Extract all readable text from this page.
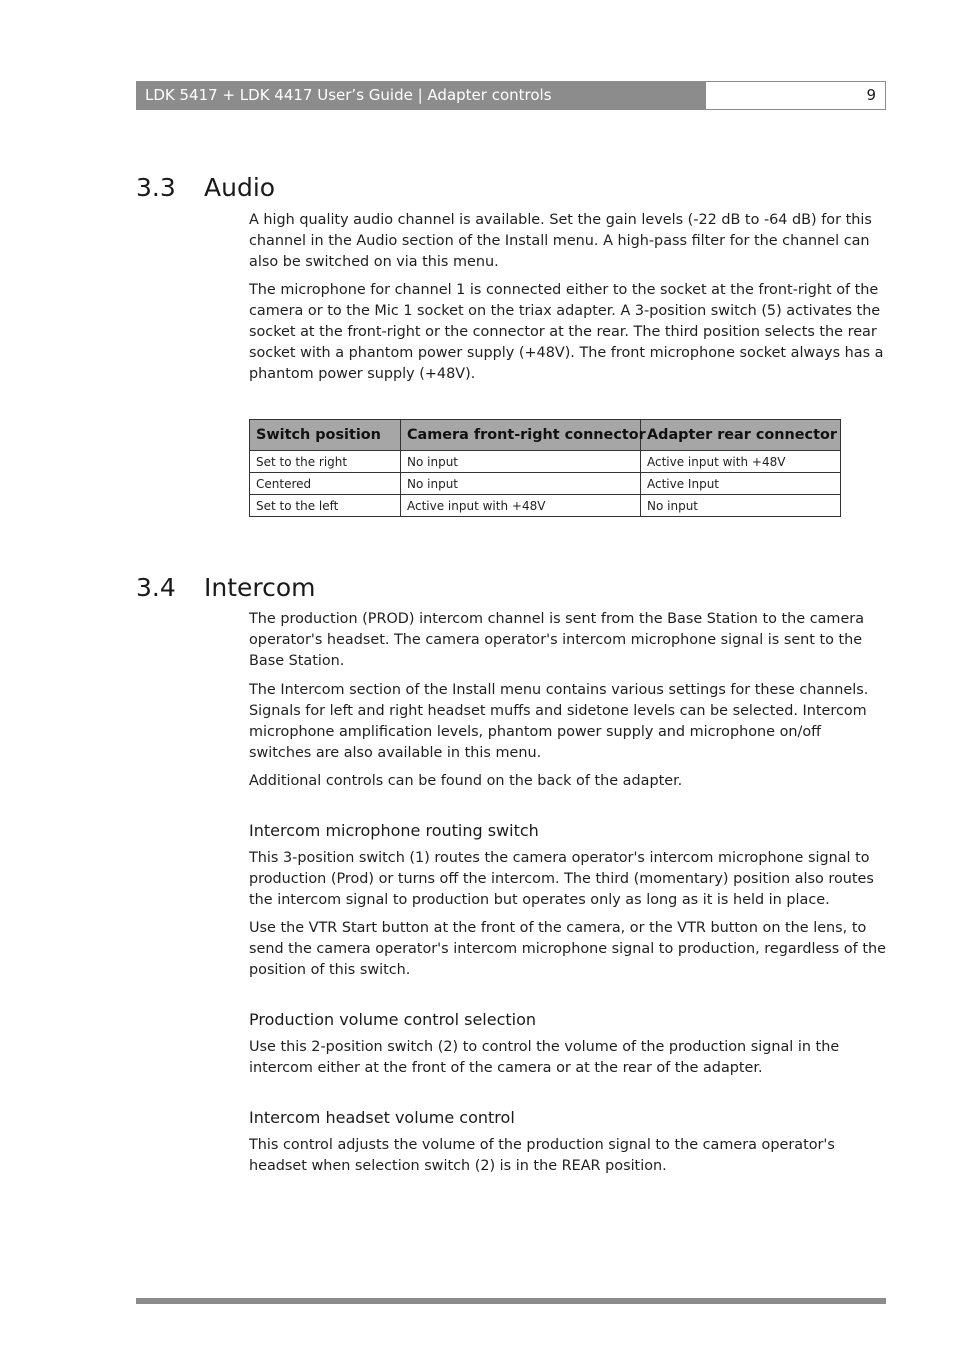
LDK 5417 + LDK 4417 User’s Guide | Adapter controls	9
3.3 Audio

A high quality audio channel is available. Set the gain levels (-22 dB to -64 dB) for this channel in the Audio section of the Install menu. A high-pass filter for the channel can also be switched on via this menu.

The microphone for channel 1 is connected either to the socket at the front-right of the camera or to the Mic 1 socket on the triax adapter. A 3-position switch (5) activates the socket at the front-right or the connector at the rear. The third position selects the rear socket with a phantom power supply (+48V). The front microphone socket always has a phantom power supply (+48V).

Switch position	Camera front-right connector	Adapter rear connector
Set to the right	No input	Active input with +48V
Centered	No input	Active Input
Set to the left	Active input with +48V	No input
3.4 Intercom

The production (PROD) intercom channel is sent from the Base Station to the camera operator's headset. The camera operator's intercom microphone signal is sent to the Base Station.

The Intercom section of the Install menu contains various settings for these channels. Signals for left and right headset muffs and sidetone levels can be selected. Intercom microphone amplification levels, phantom power supply and microphone on/off switches are also available in this menu.

Additional controls can be found on the back of the adapter.

Intercom microphone routing switch

This 3-position switch (1) routes the camera operator's intercom microphone signal to production (Prod) or turns off the intercom. The third (momentary) position also routes the intercom signal to production but operates only as long as it is held in place.

Use the VTR Start button at the front of the camera, or the VTR button on the lens, to send the camera operator's intercom microphone signal to production, regardless of the position of this switch.

Production volume control selection

Use this 2-position switch (2) to control the volume of the production signal in the intercom either at the front of the camera or at the rear of the adapter.

Intercom headset volume control

This control adjusts the volume of the production signal to the camera operator's headset when selection switch (2) is in the REAR position.
